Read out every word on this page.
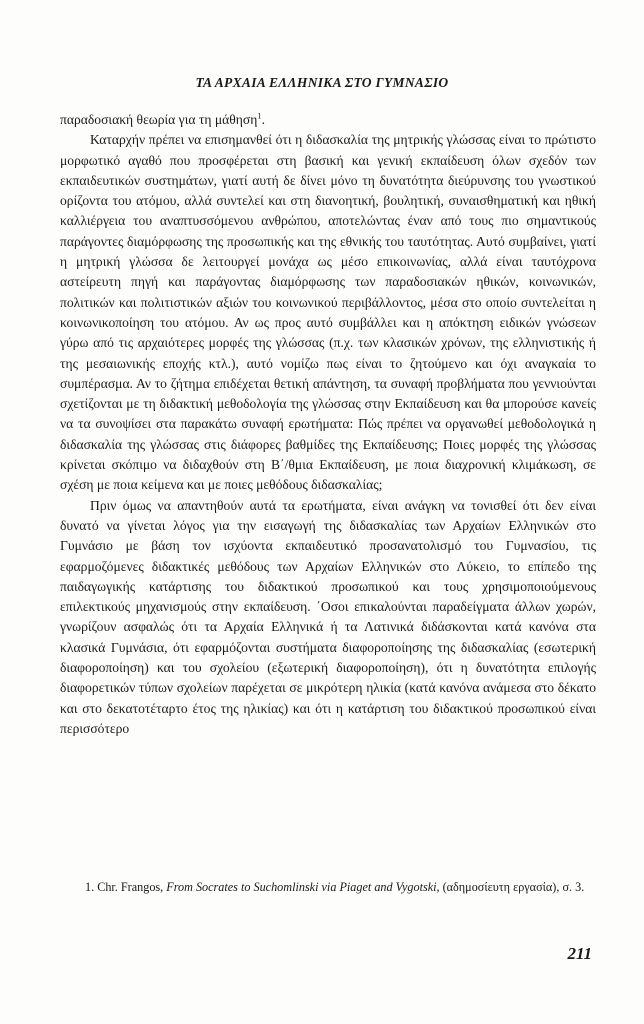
ΤΑ ΑΡΧΑΙΑ ΕΛΛΗΝΙΚΑ ΣΤΟ ΓΥΜΝΑΣΙΟ

παραδοσιακή θεωρία για τη μάθηση$^1$.

Καταρχήν πρέπει να επισημανθεί ότι η διδασκαλία της μητρικής γλώσσας είναι το πρώτιστο μορφωτικό αγαθό που προσφέρεται στη βασική και γενική εκπαίδευση όλων σχεδόν των εκπαιδευτικών συστημάτων, γιατί αυτή δε δίνει μόνο τη δυνατότητα διεύρυνσης του γνωστικού ορίζοντα του ατόμου, αλλά συντελεί και στη διανοητική, βουλητική, συναισθηματική και ηθική καλλιέργεια του αναπτυσσόμενου ανθρώπου, αποτελώντας έναν από τους πιο σημαντικούς παράγοντες διαμόρφωσης της προσωπικής και της εθνικής του ταυτότητας. Αυτό συμβαίνει, γιατί η μητρική γλώσσα δε λειτουργεί μονάχα ως μέσο επικοινωνίας, αλλά είναι ταυτόχρονα αστείρευτη πηγή και παράγοντας διαμόρφωσης των παραδοσιακών ηθικών, κοινωνικών, πολιτικών και πολιτιστικών αξιών του κοινωνικού περιβάλλοντος, μέσα στο οποίο συντελείται η κοινωνικοποίηση του ατόμου. Αν ως προς αυτό συμβάλλει και η απόκτηση ειδικών γνώσεων γύρω από τις αρχαιότερες μορφές της γλώσσας (π.χ. των κλασικών χρόνων, της ελληνιστικής ή της μεσαιωνικής εποχής κτλ.), αυτό νομίζω πως είναι το ζητούμενο και όχι αναγκαία το συμπέρασμα. Αν το ζήτημα επιδέχεται θετική απάντηση, τα συναφή προβλήματα που γεννιούνται σχετίζονται με τη διδακτική μεθοδολογία της γλώσσας στην Εκπαίδευση και θα μπορούσε κανείς να τα συνοψίσει στα παρακάτω συναφή ερωτήματα: Πώς πρέπει να οργανωθεί μεθοδολογικά η διδασκαλία της γλώσσας στις διάφορες βαθμίδες της Εκπαίδευσης; Ποιες μορφές της γλώσσας κρίνεται σκόπιμο να διδαχθούν στη Β΄/θμια Εκπαίδευση, με ποια διαχρονική κλιμάκωση, σε σχέση με ποια κείμενα και με ποιες μεθόδους διδασκαλίας;

Πριν όμως να απαντηθούν αυτά τα ερωτήματα, είναι ανάγκη να τονισθεί ότι δεν είναι δυνατό να γίνεται λόγος για την εισαγωγή της διδασκαλίας των Αρχαίων Ελληνικών στο Γυμνάσιο με βάση τον ισχύοντα εκπαιδευτικό προσανατολισμό του Γυμνασίου, τις εφαρμοζόμενες διδακτικές μεθόδους των Αρχαίων Ελληνικών στο Λύκειο, το επίπεδο της παιδαγωγικής κατάρτισης του διδακτικού προσωπικού και τους χρησιμοποιούμενους επιλεκτικούς μηχανισμούς στην εκπαίδευση. ΄Οσοι επικαλούνται παραδείγματα άλλων χωρών, γνωρίζουν ασφαλώς ότι τα Αρχαία Ελληνικά ή τα Λατινικά διδάσκονται κατά κανόνα στα κλασικά Γυμνάσια, ότι εφαρμόζονται συστήματα διαφοροποίησης της διδασκαλίας (εσωτερική διαφοροποίηση) και του σχολείου (εξωτερική διαφοροποίηση), ότι η δυνατότητα επιλογής διαφορετικών τύπων σχολείων παρέχεται σε μικρότερη ηλικία (κατά κανόνα ανάμεσα στο δέκατο και στο δεκατοτέταρτο έτος της ηλικίας) και ότι η κατάρτιση του διδακτικού προσωπικού είναι περισσότερο

1. Chr. Frangos, From Socrates to Suchomlinski via Piaget and Vygotski, (αδημοσίευτη εργασία), σ. 3.
211
